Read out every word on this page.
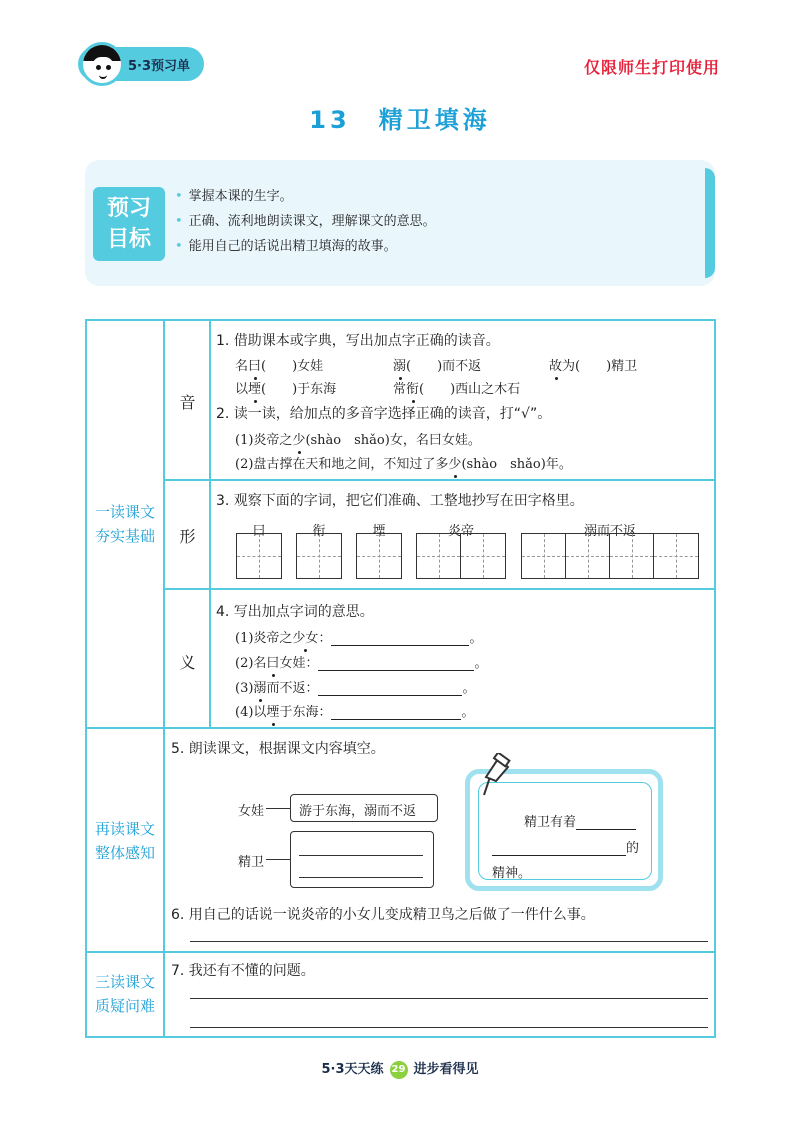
5·3预习单	仅限师生打印使用
13　精卫填海
预习
目标
• 掌握本课的生字。
• 正确、流利地朗读课文，理解课文的意思。
• 能用自己的话说出精卫填海的故事。
一读课文
夯实基础
再读课文
整体感知
三读课文
质疑问难
音
形
义
1. 借助课本或字典，写出加点字正确的读音。
名曰(　　)女娃	溺(　　)而不返	故为(　　)精卫
以堙(　　)于东海	常衔(　　)西山之木石
2. 读一读，给加点的多音字选择正确的读音，打“√”。
(1)炎帝之少(shào　shǎo)女，名曰女娃。
(2)盘古撑在天和地之间，不知过了多少(shào　shǎo)年。
3. 观察下面的字词，把它们准确、工整地抄写在田字格里。
曰	衔	堙	炎帝	溺而不返
4. 写出加点字词的意思。
(1)炎帝之少女：	。
(2)名曰女娃：	。
(3)溺而不返：	。
(4)以堙于东海：	。
5. 朗读课文，根据课文内容填空。
女娃	游于东海，溺而不返
精卫
精卫有着
的
精神。
6. 用自己的话说一说炎帝的小女儿变成精卫鸟之后做了一件什么事。
7. 我还有不懂的问题。
5·3天天练 29 进步看得见
